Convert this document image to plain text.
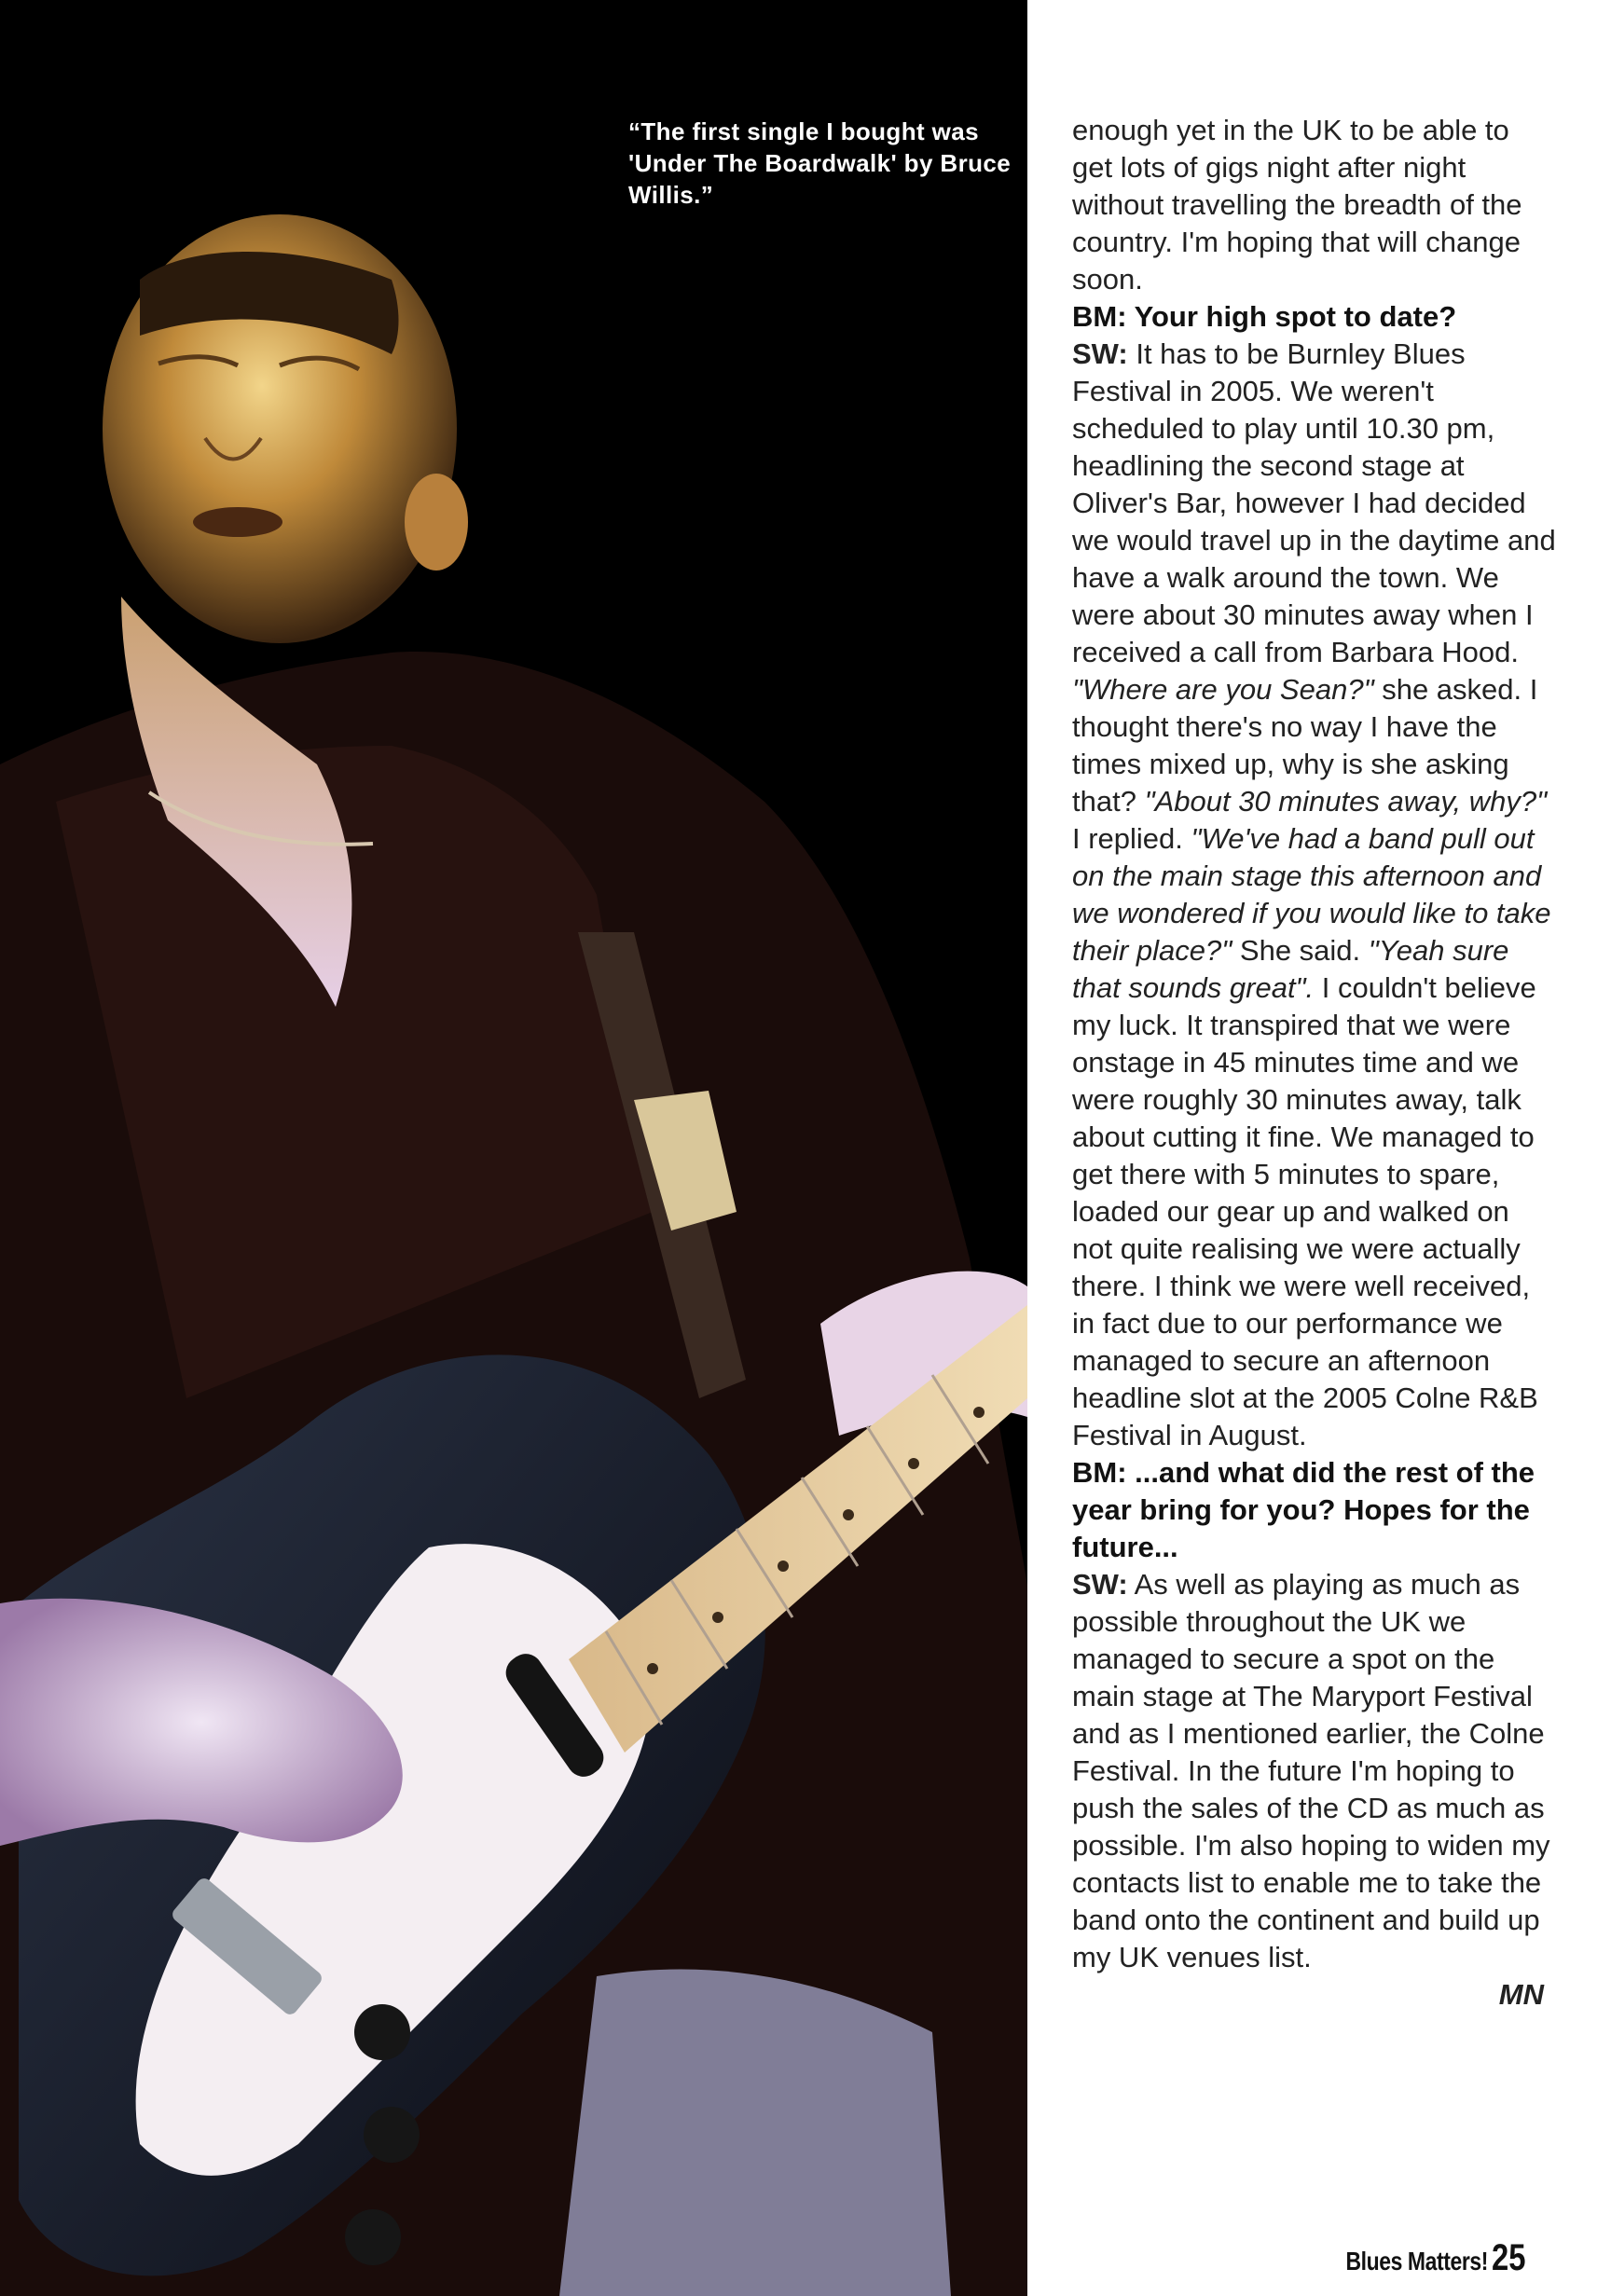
“The first single I bought was 'Under The Boardwalk' by Bruce Willis.”

enough yet in the UK to be able to get lots of gigs night after night without travelling the breadth of the country. I'm hoping that will change soon.

BM: Your high spot to date?

SW: It has to be Burnley Blues Festival in 2005. We weren't scheduled to play until 10.30 pm, headlining the second stage at Oliver's Bar, however I had decided we would travel up in the daytime and have a walk around the town. We were about 30 minutes away when I received a call from Barbara Hood. "Where are you Sean?" she asked. I thought there's no way I have the times mixed up, why is she asking that? "About 30 minutes away, why?" I replied. "We've had a band pull out on the main stage this afternoon and we wondered if you would like to take their place?" She said. "Yeah sure that sounds great". I couldn't believe my luck. It transpired that we were onstage in 45 minutes time and we were roughly 30 minutes away, talk about cutting it fine. We managed to get there with 5 minutes to spare, loaded our gear up and walked on not quite realising we were actually there. I think we were well received, in fact due to our performance we managed to secure an afternoon headline slot at the 2005 Colne R&B Festival in August.

BM: ...and what did the rest of the year bring for you? Hopes for the future...

SW: As well as playing as much as possible throughout the UK we managed to secure a spot on the main stage at The Maryport Festival and as I mentioned earlier, the Colne Festival. In the future I'm hoping to push the sales of the CD as much as possible. I'm also hoping to widen my contacts list to enable me to take the band onto the continent and build up my UK venues list.

MN

Blues Matters! 25
